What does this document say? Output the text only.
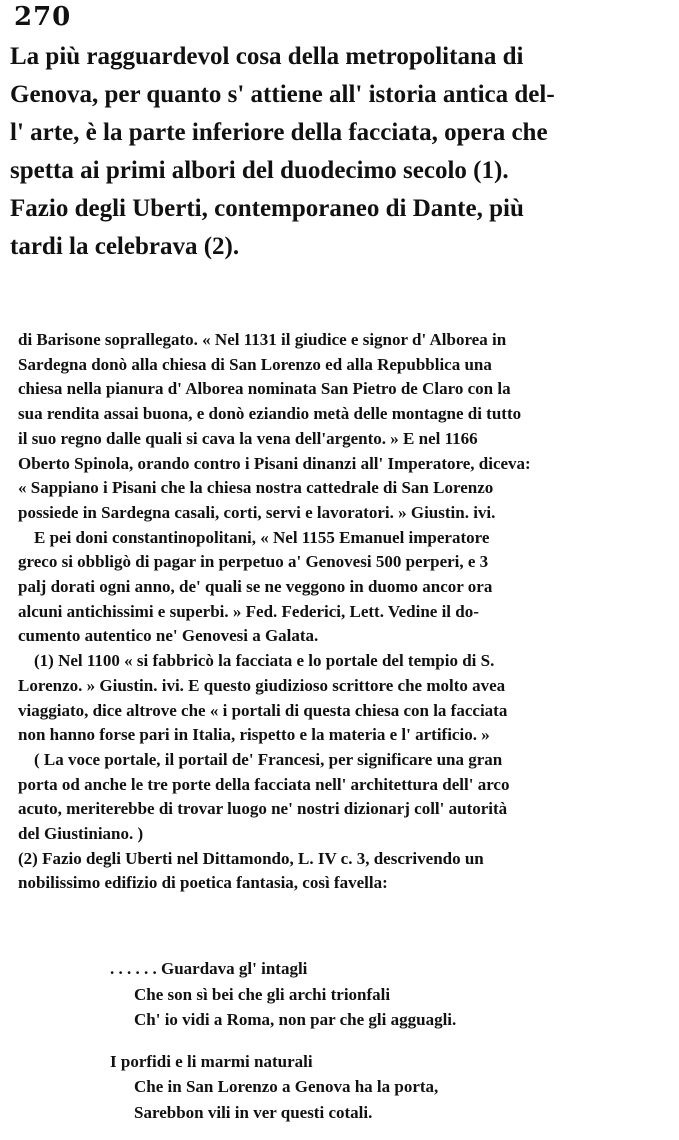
270
La più ragguardevol cosa della metropolitana di
Genova, per quanto s' attiene all' istoria antica del-
l' arte, è la parte inferiore della facciata, opera che
spetta ai primi albori del duodecimo secolo (1).
Fazio degli Uberti, contemporaneo di Dante, più
tardi la celebrava (2).
di Barisone soprallegato. « Nel 1131 il giudice e signor d' Alborea in
Sardegna donò alla chiesa di San Lorenzo ed alla Repubblica una
chiesa nella pianura d' Alborea nominata San Pietro de Claro con la
sua rendita assai buona, e donò eziandio metà delle montagne di tutto
il suo regno dalle quali si cava la vena dell'argento. » E nel 1166
Oberto Spinola, orando contro i Pisani dinanzi all' Imperatore, diceva:
« Sappiano i Pisani che la chiesa nostra cattedrale di San Lorenzo
possiede in Sardegna casali, corti, servi e lavoratori. » Giustin. ivi.
E pei doni constantinopolitani, « Nel 1155 Emanuel imperatore
greco si obbligò di pagar in perpetuo a' Genovesi 500 perperi, e 3
palj dorati ogni anno, de' quali se ne veggono in duomo ancor ora
alcuni antichissimi e superbi. » Fed. Federici, Lett. Vedine il do-
cumento autentico ne' Genovesi a Galata.
(1) Nel 1100 « si fabbricò la facciata e lo portale del tempio di S.
Lorenzo. » Giustin. ivi. E questo giudizioso scrittore che molto avea
viaggiato, dice altrove che « i portali di questa chiesa con la facciata
non hanno forse pari in Italia, rispetto e la materia e l' artificio. »
( La voce portale, il portail de' Francesi, per significare una gran
porta od anche le tre porte della facciata nell' architettura dell' arco
acuto, meriterebbe di trovar luogo ne' nostri dizionarj coll' autorità
del Giustiniano. )
(2) Fazio degli Uberti nel Dittamondo, L. IV c. 3, descrivendo un
nobilissimo edifizio di poetica fantasia, così favella:
. . . . . . Guardava gl' intagli
Che son sì bei che gli archi trionfali
Ch' io vidi a Roma, non par che gli agguagli.
I porfidi e li marmi naturali
Che in San Lorenzo a Genova ha la porta,
Sarebbon vili in ver questi cotali.
